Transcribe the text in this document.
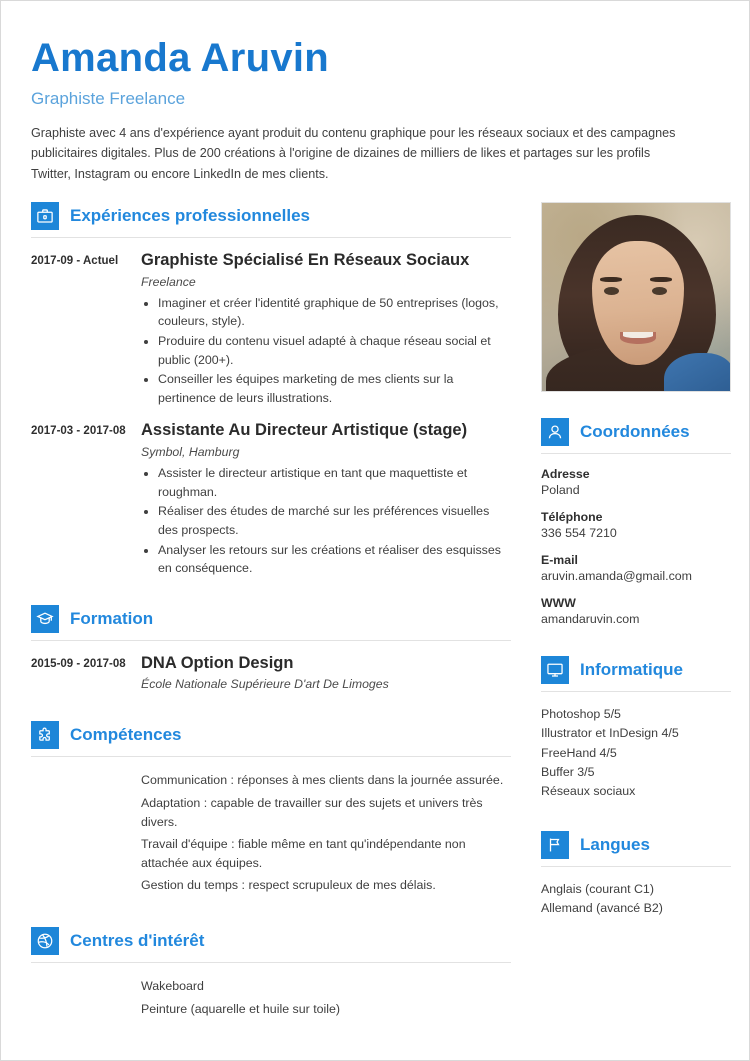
Amanda Aruvin
Graphiste Freelance
Graphiste avec 4 ans d'expérience ayant produit du contenu graphique pour les réseaux sociaux et des campagnes publicitaires digitales. Plus de 200 créations à l'origine de dizaines de milliers de likes et partages sur les profils Twitter, Instagram ou encore LinkedIn de mes clients.
Expériences professionnelles
2017-09 - Actuel	Graphiste Spécialisé En Réseaux Sociaux
Freelance
• Imaginer et créer l'identité graphique de 50 entreprises (logos, couleurs, style).
• Produire du contenu visuel adapté à chaque réseau social et public (200+).
• Conseiller les équipes marketing de mes clients sur la pertinence de leurs illustrations.
2017-03 - 2017-08 Assistante Au Directeur Artistique (stage)
Symbol, Hamburg
• Assister le directeur artistique en tant que maquettiste et roughman.
• Réaliser des études de marché sur les préférences visuelles des prospects.
• Analyser les retours sur les créations et réaliser des esquisses en conséquence.
Formation
2015-09 - 2017-08 DNA Option Design
École Nationale Supérieure D'art De Limoges
Compétences
Communication : réponses à mes clients dans la journée assurée.
Adaptation : capable de travailler sur des sujets et univers très divers.
Travail d'équipe : fiable même en tant qu'indépendante non attachée aux équipes.
Gestion du temps : respect scrupuleux de mes délais.
Centres d'intérêt
Wakeboard
Peinture (aquarelle et huile sur toile)
Coordonnées
Adresse
Poland
Téléphone
336 554 7210
E-mail
aruvin.amanda@gmail.com
WWW
amandaruvin.com
Informatique
Photoshop 5/5
Illustrator et InDesign 4/5
FreeHand 4/5
Buffer 3/5
Réseaux sociaux
Langues
Anglais (courant C1)
Allemand (avancé B2)
